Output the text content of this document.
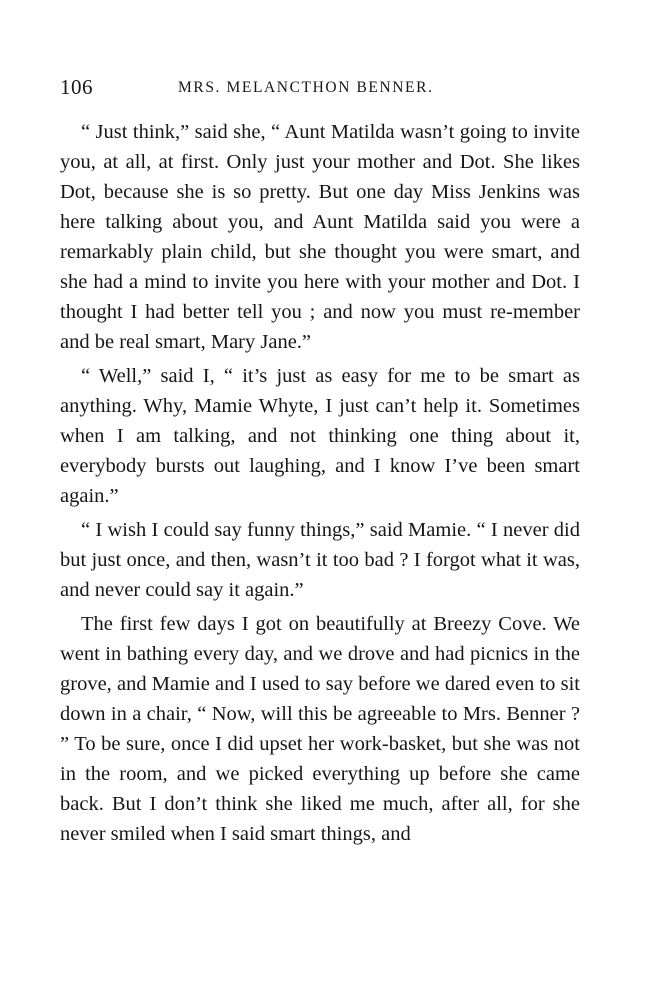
106	MRS. MELANCTHON BENNER.

“ Just think,” said she, “ Aunt Matilda wasn’t going to invite you, at all, at first. Only just your mother and Dot. She likes Dot, because she is so pretty. But one day Miss Jenkins was here talking about you, and Aunt Matilda said you were a remarkably plain child, but she thought you were smart, and she had a mind to invite you here with your mother and Dot. I thought I had better tell you ; and now you must re-member and be real smart, Mary Jane.”

“ Well,” said I, “ it’s just as easy for me to be smart as anything. Why, Mamie Whyte, I just can’t help it. Sometimes when I am talking, and not thinking one thing about it, everybody bursts out laughing, and I know I’ve been smart again.”

“ I wish I could say funny things,” said Mamie. “ I never did but just once, and then, wasn’t it too bad ? I forgot what it was, and never could say it again.”

The first few days I got on beautifully at Breezy Cove. We went in bathing every day, and we drove and had picnics in the grove, and Mamie and I used to say before we dared even to sit down in a chair, “ Now, will this be agreeable to Mrs. Benner ? ” To be sure, once I did upset her work-basket, but she was not in the room, and we picked everything up before she came back. But I don’t think she liked me much, after all, for she never smiled when I said smart things, and
